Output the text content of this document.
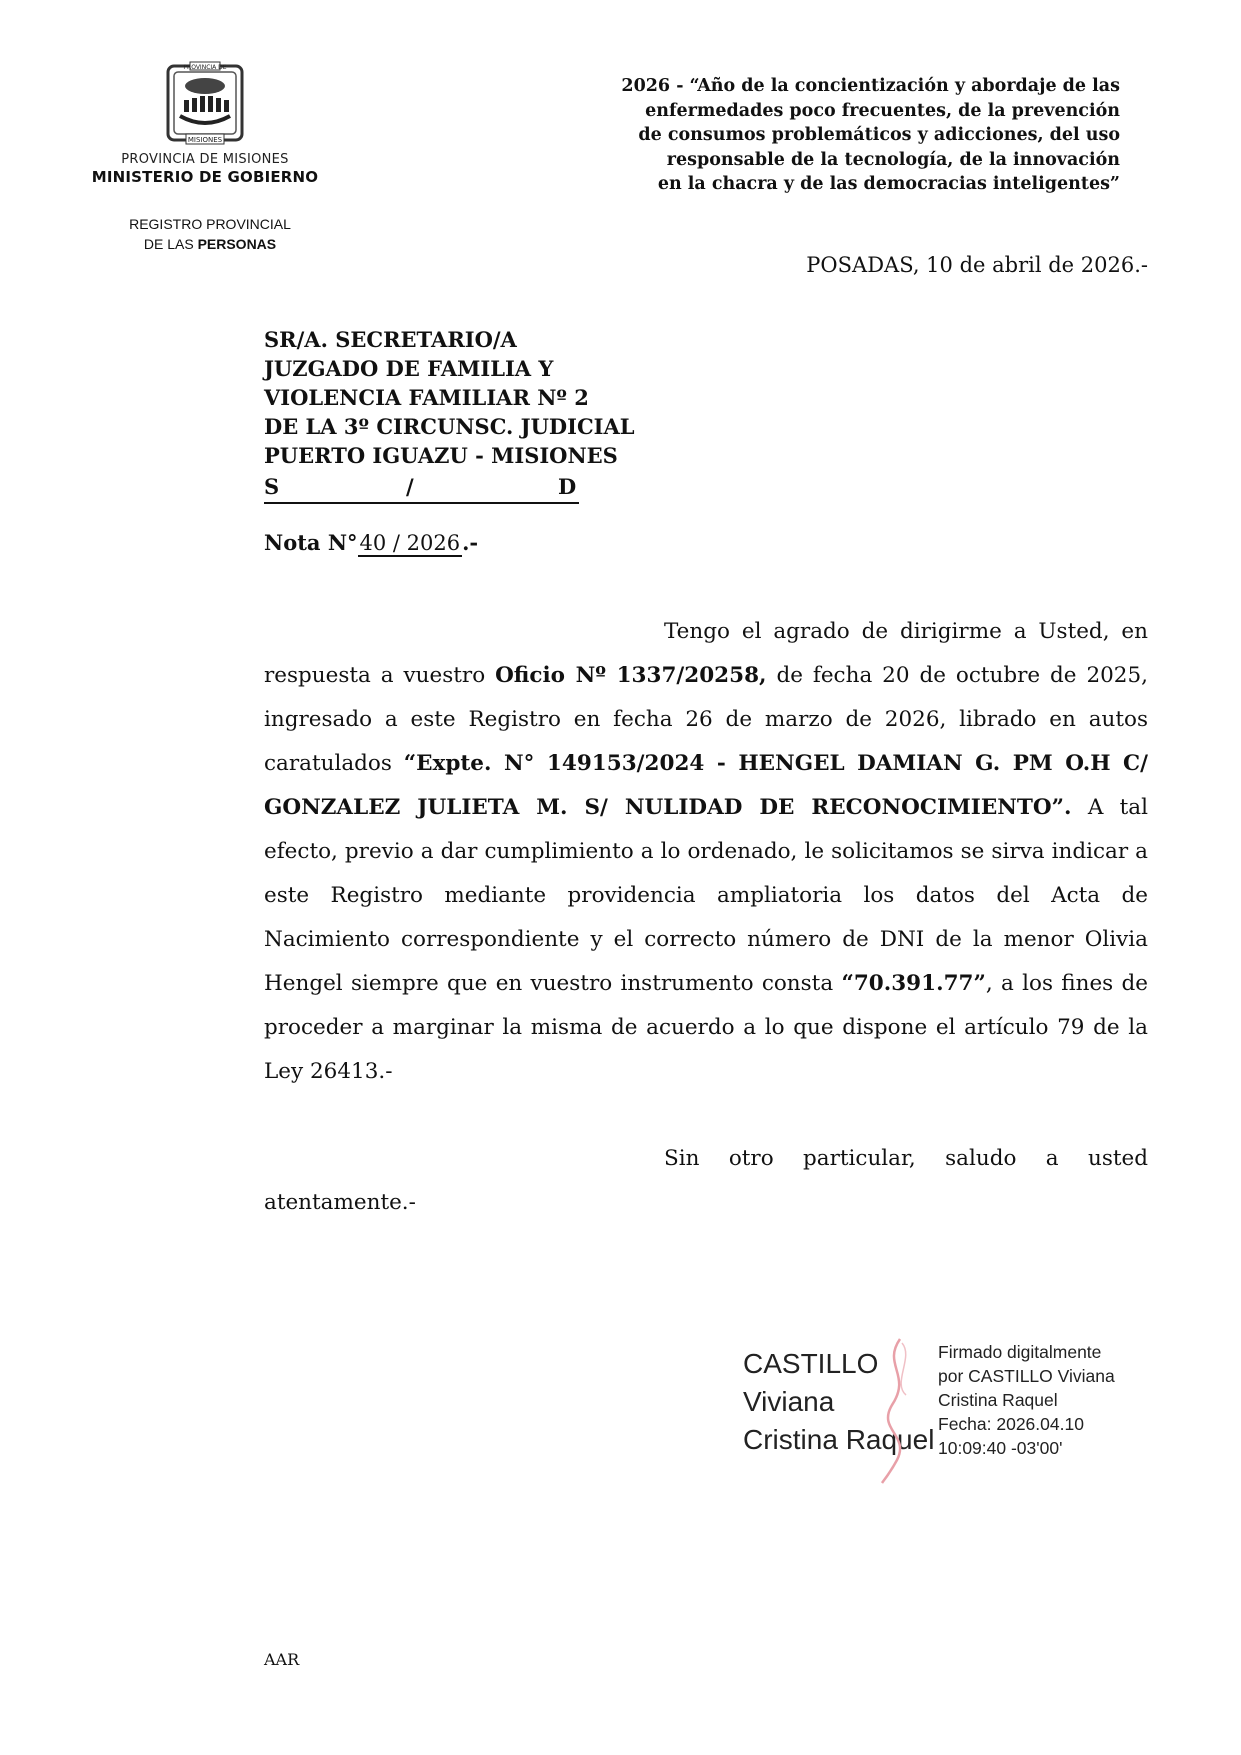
PROVINCIA DE
MISIONES
PROVINCIA DE MISIONES
MINISTERIO DE GOBIERNO
REGISTRO PROVINCIAL
DE LAS PERSONAS
2026 - “Año de la concientización y abordaje de las
enfermedades poco frecuentes, de la prevención
de consumos problemáticos y adicciones, del uso
responsable de la tecnología, de la innovación
en la chacra y de las democracias inteligentes”
POSADAS, 10 de abril de 2026.-
SR/A. SECRETARIO/A
JUZGADO DE FAMILIA Y
VIOLENCIA FAMILIAR Nº 2
DE LA 3º CIRCUNSC. JUDICIAL
PUERTO IGUAZU - MISIONES
S	/	D
Nota N°40 / 2026.-

Tengo el agrado de dirigirme a Usted, en respuesta a vuestro Oficio Nº 1337/20258, de fecha 20 de octubre de 2025, ingresado a este Registro en fecha 26 de marzo de 2026, librado en autos caratulados “Expte. N° 149153/2024 - HENGEL DAMIAN G. PM O.H C/ GONZALEZ JULIETA M. S/ NULIDAD DE RECONOCIMIENTO”. A tal efecto, previo a dar cumplimiento a lo ordenado, le solicitamos se sirva indicar a este Registro mediante providencia ampliatoria los datos del Acta de Nacimiento correspondiente y el correcto número de DNI de la menor Olivia Hengel siempre que en vuestro instrumento consta “70.391.77”, a los fines de proceder a marginar la misma de acuerdo a lo que dispone el artículo 79 de la Ley 26413.-

Sin otro particular, saludo a usted atentamente.-

CASTILLO
Viviana
Cristina Raquel
Firmado digitalmente
por CASTILLO Viviana
Cristina Raquel
Fecha: 2026.04.10
10:09:40 -03'00'
AAR
